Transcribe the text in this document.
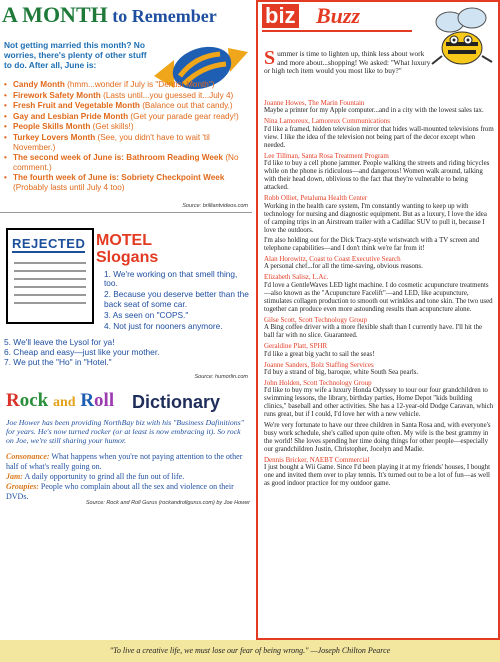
A MONTH to Remember
Not getting married this month? No worries, there's plenty of other stuff to do. After all, June is:
• Candy Month (hmm...wonder if July is "Dentist Month")
• Firework Safety Month (Lasts until...you guessed it...July 4)
• Fresh Fruit and Vegetable Month (Balance out that candy.)
• Gay and Lesbian Pride Month (Get your parade gear ready!)
• People Skills Month (Get skills!)
• Turkey Lovers Month (See, you didn't have to wait 'til November.)
• The second week of June is: Bathroom Reading Week (No comment.)
• The fourth week of June is: Sobriety Checkpoint Week (Probably lasts until July 4 too)
Source: brilliantvideos.com
REJECTED MOTEL
Slogans
1. We're working on that smell thing, too.
2. Because you deserve better than the back seat of some car.
3. As seen on "COPS."
4. Not just for nooners anymore.
5. We'll leave the Lysol for ya!
6. Cheap and easy—just like your mother.
7. We put the "Ho" in "Hotel."
Source: humorlin.com
Rock and Roll Dictionary
Joe Hower has been providing NorthBay biz with his "Business Dafinitions" for years. He's now turned rocker (or at least is now embracing it). So rock on Joe, we're still sharing your humor.
Consonance: What happens when you're not paying attention to the other half of what's really going on.
Jam: A daily opportunity to grind all the fun out of life.
Groupies: People who complain about all the sex and violence on their DVDs.
Source: Rock and Roll Gurus (rockandrollgurus.com) by Joe Hower
biz Buzz
Summer is time to lighten up, think less about work and more about...shopping! We asked: "What luxury or high tech item would you most like to buy?"
Joanne Howes, The Marin Fountain
Maybe a printer for my Apple computer...and in a city with the lowest sales tax.
Nina Lamoreux, Lamoreux Communications
I'd like a framed, hidden television mirror that hides wall-mounted televisions from view. I like the idea of the television not being part of the decor except when needed.
Lee Tillman, Santa Rosa Treatment Program
I'd like to buy a cell phone jammer. People walking the streets and riding bicycles while on the phone is ridiculous—and dangerous! Women walk around, talking with their head down, oblivious to the fact that they're vulnerable to being attacked.
Robb Olliet, Petaluma Health Center
Working in the health care system, I'm constantly wanting to keep up with technology for nursing and diagnostic equipment. But as a luxury, I love the idea of camping trips in an Airstream trailer with a Cadillac SUV to pull it, because I love the outdoors.
I'm also holding out for the Dick Tracy-style wristwatch with a TV screen and telephone capabilities—and I don't think we're far from it!
Alan Horowitz, Coast to Coast Executive Search
A personal chef...for all the time-saving, obvious reasons.
Elizabeth Salisz, L.Ac.
I'd love a GentleWaves LED light machine. I do cosmetic acupuncture treatments—also known as the "Acupuncture Facelift"—and LED, like acupuncture, stimulates collagen production to smooth out wrinkles and tone skin. The two used together can produce even more astounding results than acupuncture alone.
Gilse Scott, Scott Technology Group
A Bing coffee driver with a more flexible shaft than I currently have. I'll hit the ball far with no slice. Guaranteed.
Geraldine Platt, SPHR
I'd like a great big yacht to sail the seas!
Joanne Sanders, Bolz Staffing Services
I'd buy a strand of big, baroque, white South Sea pearls.
John Holden, Scott Technology Group
I'd like to buy my wife a luxury Honda Odyssey to tour our four grandchildren to swimming lessons, the library, birthday parties, Home Depot "kids building clinics," baseball and other activities. She has a 12-year-old Dodge Caravan, which runs great, but if I could, I'd love her with a new vehicle.
We're very fortunate to have our three children in Santa Rosa and, with everyone's busy work schedule, she's called upon quite often. My wife is the best grammy in the world! She loves spending her time doing things for other people—especially our grandchildren Justin, Christopher, Jocelyn and Madie.
Dennis Bricker, NAEBT Commercial
I just bought a Wii Game. Since I'd been playing it at my friends' houses, I bought one and invited them over to play tennis. It's turned out to be a lot of fun—as well as good indoor practice for my outdoor game.
"To live a creative life, we must lose our fear of being wrong." —Joseph Chilton Pearce
